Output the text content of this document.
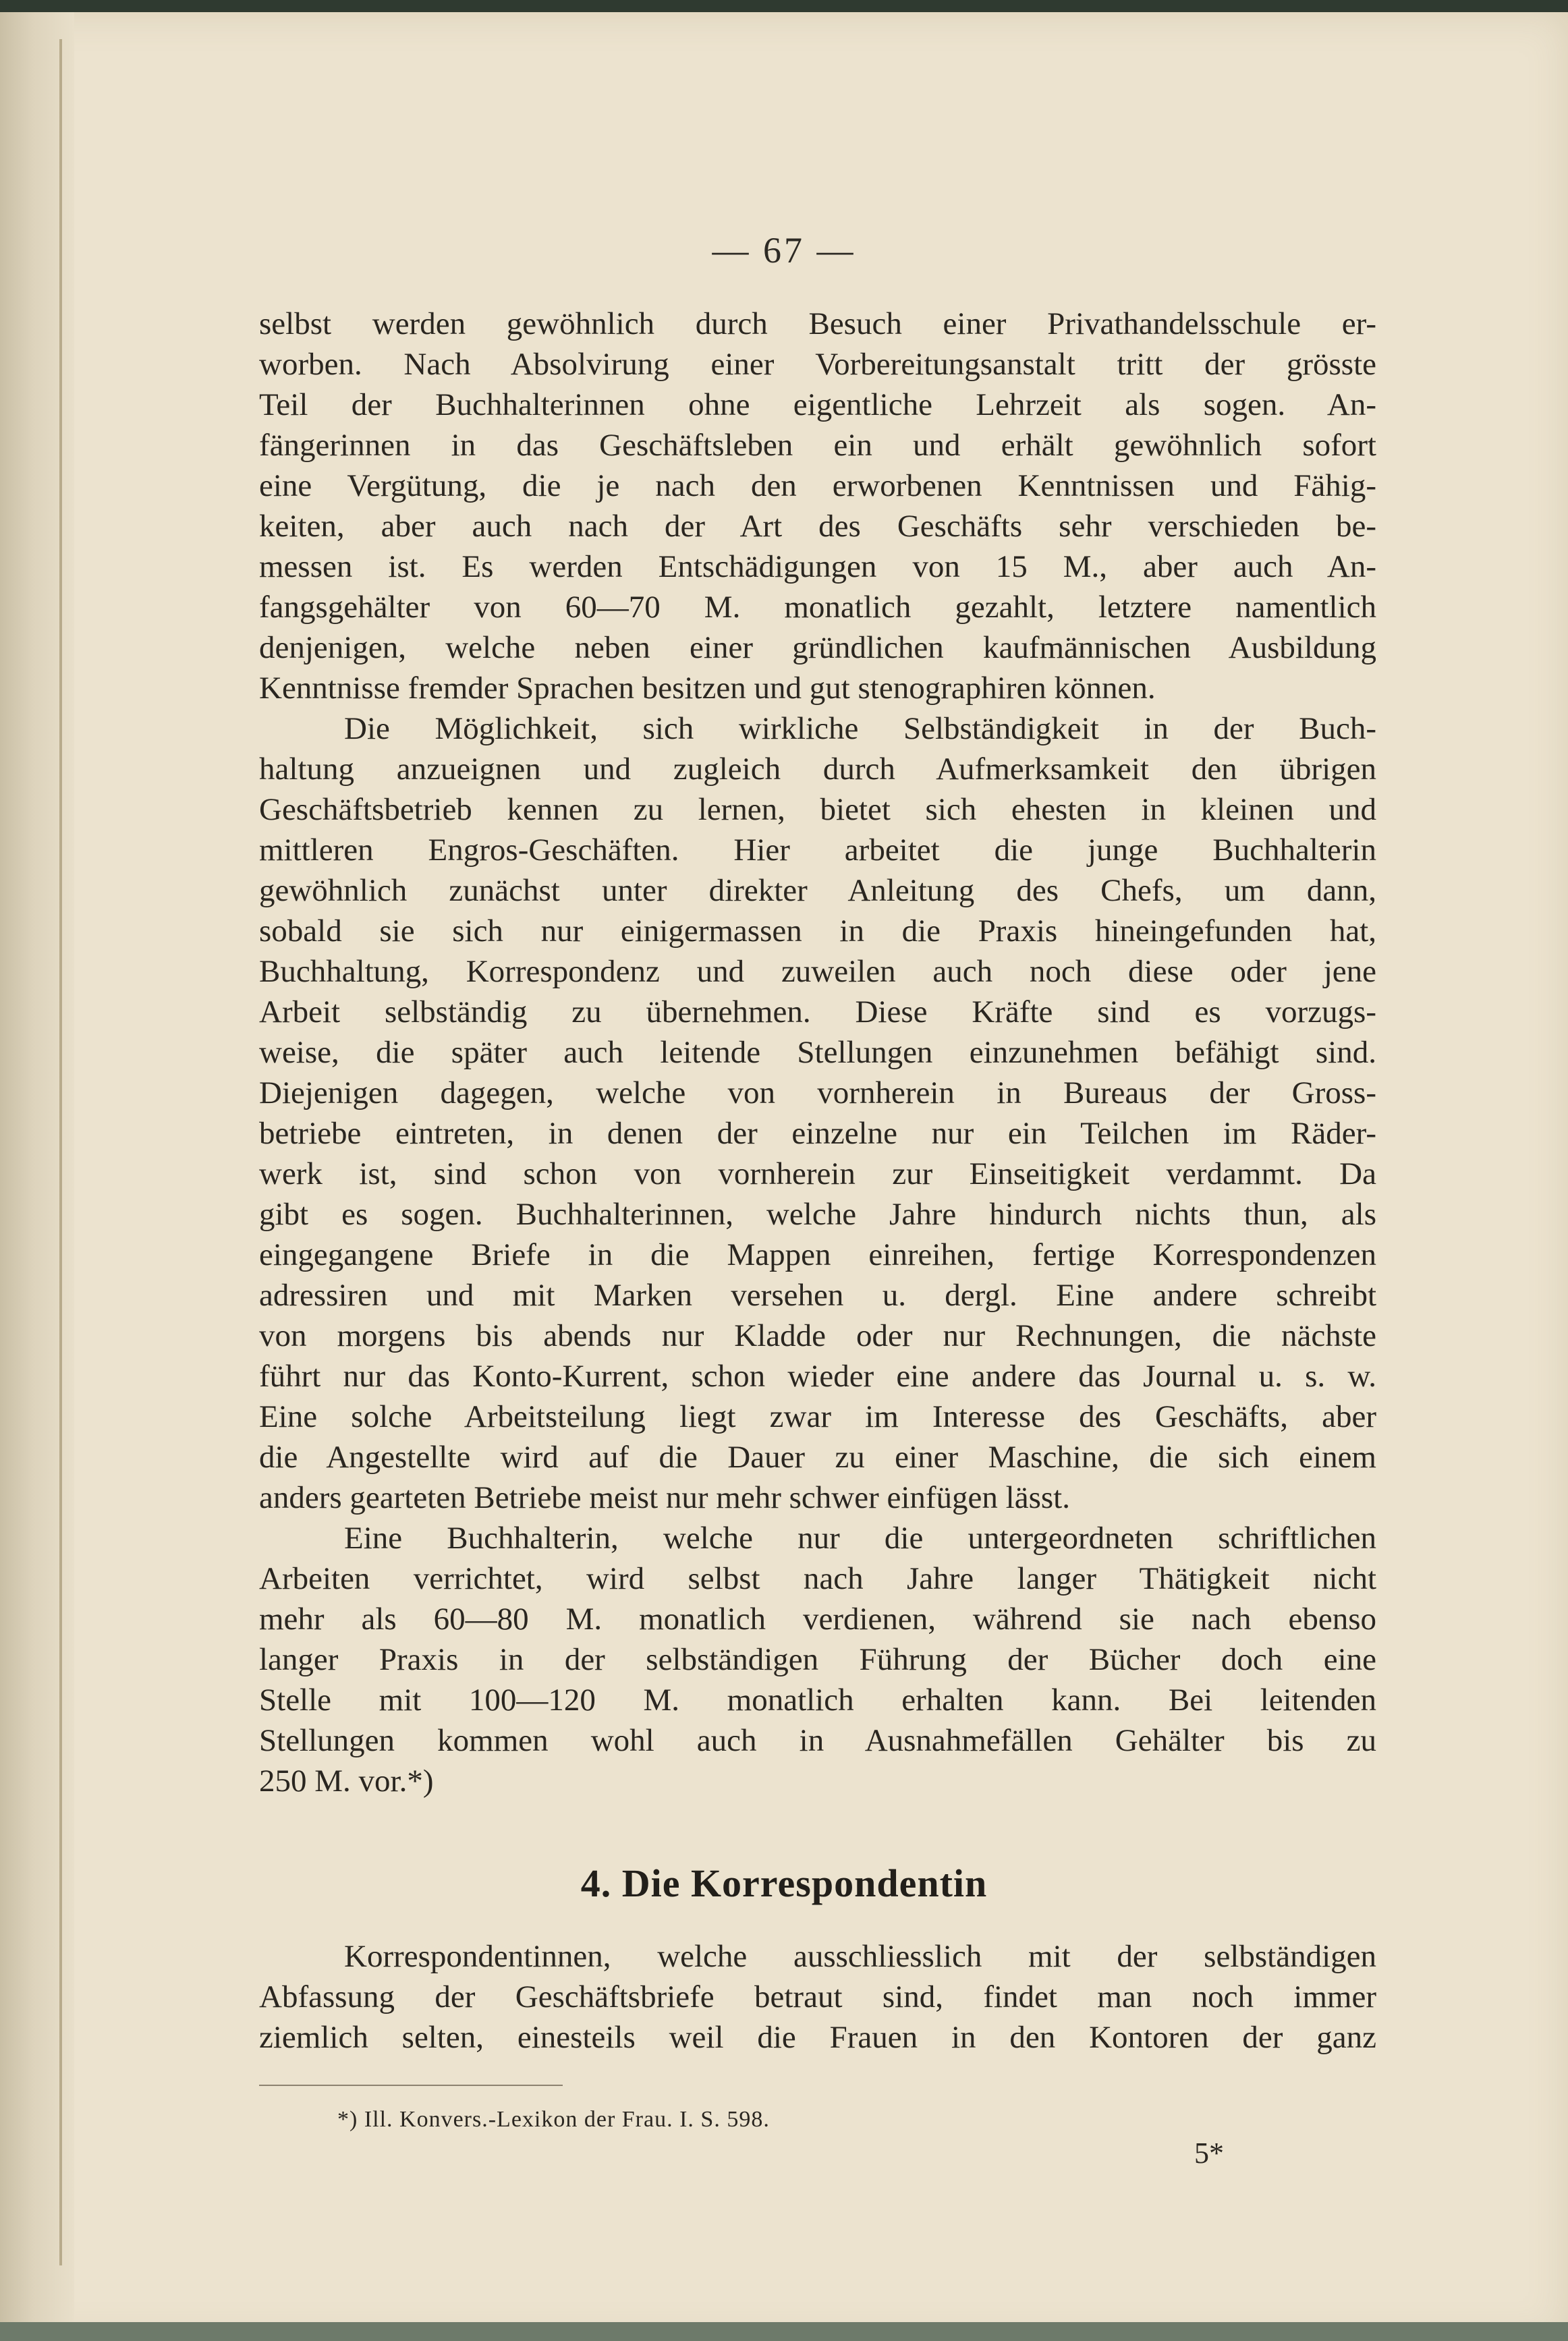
— 67 —
selbst werden gewöhnlich durch Besuch einer Privathandelsschule er-
worben. Nach Absolvirung einer Vorbereitungsanstalt tritt der grösste
Teil der Buchhalterinnen ohne eigentliche Lehrzeit als sogen. An-
fängerinnen in das Geschäftsleben ein und erhält gewöhnlich sofort
eine Vergütung, die je nach den erworbenen Kenntnissen und Fähig-
keiten, aber auch nach der Art des Geschäfts sehr verschieden be-
messen ist. Es werden Entschädigungen von 15 M., aber auch An-
fangsgehälter von 60—70 M. monatlich gezahlt, letztere namentlich
denjenigen, welche neben einer gründlichen kaufmännischen Ausbildung
Kenntnisse fremder Sprachen besitzen und gut stenographiren können.
Die Möglichkeit, sich wirkliche Selbständigkeit in der Buch-
haltung anzueignen und zugleich durch Aufmerksamkeit den übrigen
Geschäftsbetrieb kennen zu lernen, bietet sich ehesten in kleinen und
mittleren Engros-Geschäften. Hier arbeitet die junge Buchhalterin
gewöhnlich zunächst unter direkter Anleitung des Chefs, um dann,
sobald sie sich nur einigermassen in die Praxis hineingefunden hat,
Buchhaltung, Korrespondenz und zuweilen auch noch diese oder jene
Arbeit selbständig zu übernehmen. Diese Kräfte sind es vorzugs-
weise, die später auch leitende Stellungen einzunehmen befähigt sind.
Diejenigen dagegen, welche von vornherein in Bureaus der Gross-
betriebe eintreten, in denen der einzelne nur ein Teilchen im Räder-
werk ist, sind schon von vornherein zur Einseitigkeit verdammt. Da
gibt es sogen. Buchhalterinnen, welche Jahre hindurch nichts thun, als
eingegangene Briefe in die Mappen einreihen, fertige Korrespondenzen
adressiren und mit Marken versehen u. dergl. Eine andere schreibt
von morgens bis abends nur Kladde oder nur Rechnungen, die nächste
führt nur das Konto-Kurrent, schon wieder eine andere das Journal u. s. w.
Eine solche Arbeitsteilung liegt zwar im Interesse des Geschäfts, aber
die Angestellte wird auf die Dauer zu einer Maschine, die sich einem
anders gearteten Betriebe meist nur mehr schwer einfügen lässt.
Eine Buchhalterin, welche nur die untergeordneten schriftlichen
Arbeiten verrichtet, wird selbst nach Jahre langer Thätigkeit nicht
mehr als 60—80 M. monatlich verdienen, während sie nach ebenso
langer Praxis in der selbständigen Führung der Bücher doch eine
Stelle mit 100—120 M. monatlich erhalten kann. Bei leitenden
Stellungen kommen wohl auch in Ausnahmefällen Gehälter bis zu
250 M. vor.*)
4. Die Korrespondentin
Korrespondentinnen, welche ausschliesslich mit der selbständigen
Abfassung der Geschäftsbriefe betraut sind, findet man noch immer
ziemlich selten, einesteils weil die Frauen in den Kontoren der ganz
*) Ill. Konvers.-Lexikon der Frau. I. S. 598.
5*
